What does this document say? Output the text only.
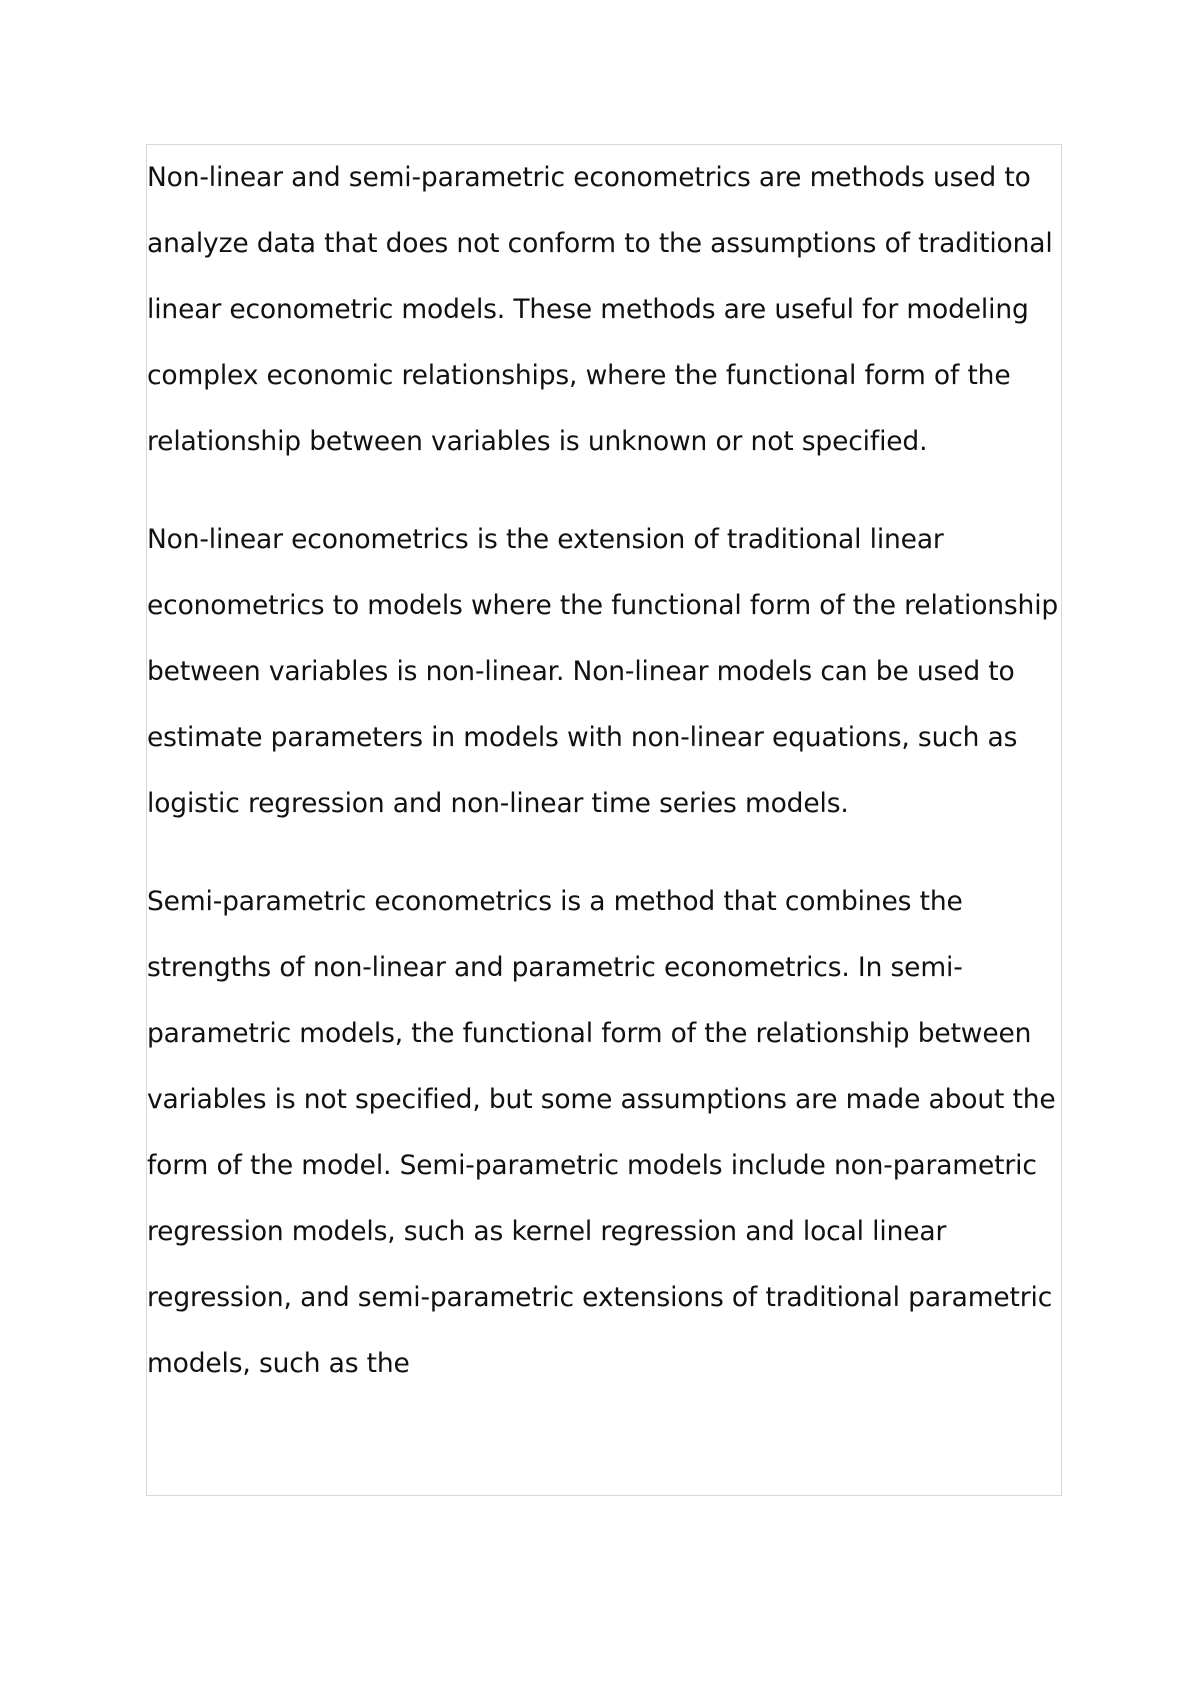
Non-linear and semi-parametric econometrics are methods used to analyze data that does not conform to the assumptions of traditional linear econometric models. These methods are useful for modeling complex economic relationships, where the functional form of the relationship between variables is unknown or not specified.

Non-linear econometrics is the extension of traditional linear econometrics to models where the functional form of the relationship between variables is non-linear. Non-linear models can be used to estimate parameters in models with non-linear equations, such as logistic regression and non-linear time series models.

Semi-parametric econometrics is a method that combines the strengths of non-linear and parametric econometrics. In semi-parametric models, the functional form of the relationship between variables is not specified, but some assumptions are made about the form of the model. Semi-parametric models include non-parametric regression models, such as kernel regression and local linear regression, and semi-parametric extensions of traditional parametric models, such as the
